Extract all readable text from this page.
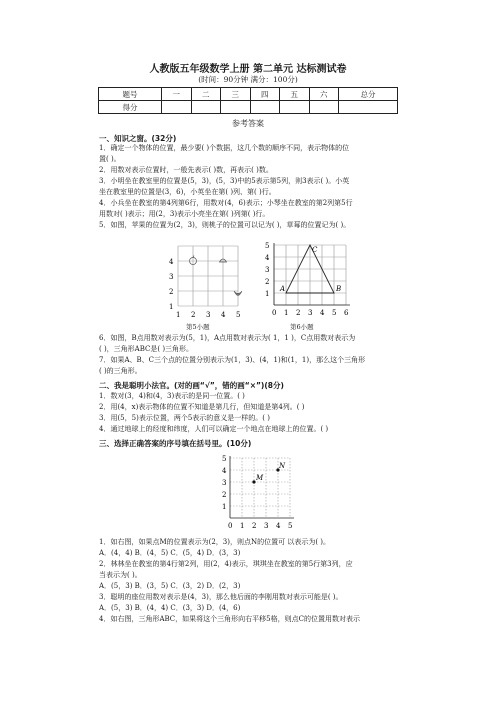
人教版五年级数学上册 第二单元 达标测试卷
(时间：90分钟 满分：100分)
题号	一	二	三	四	五	六	总分
得分							
参考答案
一、知识之窗。(32分)
1．确定一个物体的位置，最少要( )个数据，这几个数的顺序不同，表示物体的位
置( )。
2．用数对表示位置时，一般先表示( )数，再表示( )数。
3．小明坐在教室里的位置是(5，3)，(5，3)中的5表示第5列，则3表示( )。小英
坐在教室里的位置是(3，6)，小英坐在第( )列、第( )行。
4．小兵坐在教室的第4列第6行，用数对(4，6)表示；小琴坐在教室的第2列第5行
用数对( )表示；用(2，3)表示小亮坐在第( )列第( )行。
5．如图，苹果的位置为(2，3)，则桃子的位置可以记为( )，草莓的位置记为( )。
4
3
2
1
1 2 3 4 5
A	B
C
5
4
3
2
1
0 1 2 3 4 5 6
第5小题	第6小题
6．如图，B点用数对表示为(5，1)，A点用数对表示为( 1，1 )，C点用数对表示为
( )，三角形ABC是( )三角形。
7．如果A、B、C三个点的位置分别表示为(1，3)、(4，1)和(1，1)，那么这个三角形
( )的三角形。
二、我是聪明小法官。(对的画“√”，错的画“×”)(8分)
1．数对(3，4)和(4，3)表示的是同一位置。( )
2．用(4，x)表示物体的位置不知道是第几行，但知道是第4列。( )
3．用(5，5)表示位置，两个5表示的意义是一样的。( )
4．通过地球上的经度和纬度，人们可以确定一个地点在地球上的位置。( )
三、选择正确答案的序号填在括号里。(10分)
M
N
5
4
3
2
1
0 1 2 3 4 5
1．如右图，如果点M的位置表示为(2，3)，则点N的位置可 以表示为( )。
A．(4，4) B．(4，5) C．(5，4) D．(3，3)
2．林林坐在教室的第4行第2列，用(2，4)表示，琪琪坐在教室的第5行第3列，应
当表示为( )。
A．(5，3) B．(3，5) C．(3，2) D．(2，3)
3．聪明的座位用数对表示是(4，3)，那么他后面的李刚用数对表示可能是( )。
A．(5，3) B．(4，4) C．(3，3) D．(4，6)
4．如右图，三角形ABC，如果将这个三角形向右平移5格，则点C的位置用数对表示
